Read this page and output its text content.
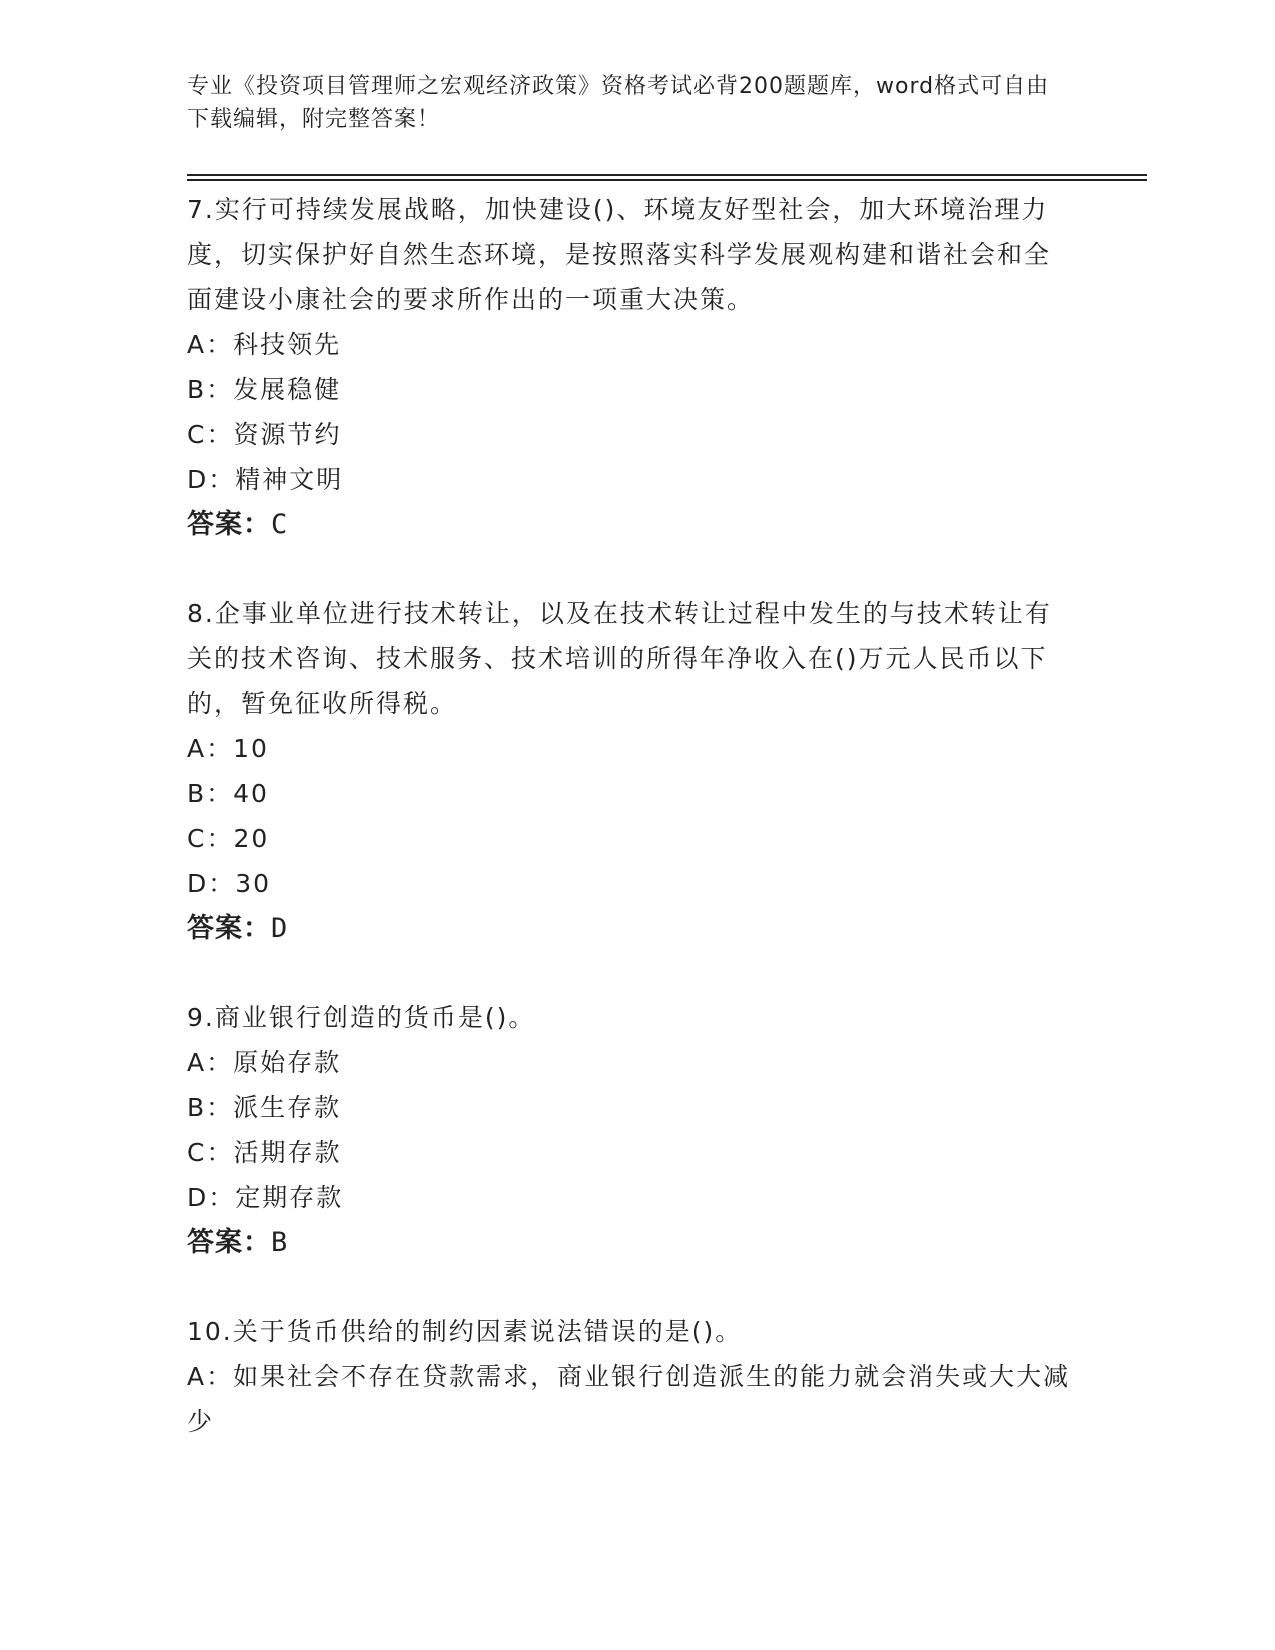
专业《投资项目管理师之宏观经济政策》资格考试必背200题题库，word格式可自由下载编辑，附完整答案！
7.实行可持续发展战略，加快建设()、环境友好型社会，加大环境治理力度，切实保护好自然生态环境，是按照落实科学发展观构建和谐社会和全面建设小康社会的要求所作出的一项重大决策。
A：科技领先
B：发展稳健
C：资源节约
D：精神文明
答案：C
8.企事业单位进行技术转让，以及在技术转让过程中发生的与技术转让有关的技术咨询、技术服务、技术培训的所得年净收入在()万元人民币以下的，暂免征收所得税。
A：10
B：40
C：20
D：30
答案：D
9.商业银行创造的货币是()。
A：原始存款
B：派生存款
C：活期存款
D：定期存款
答案：B
10.关于货币供给的制约因素说法错误的是()。
A：如果社会不存在贷款需求，商业银行创造派生的能力就会消失或大大减少
